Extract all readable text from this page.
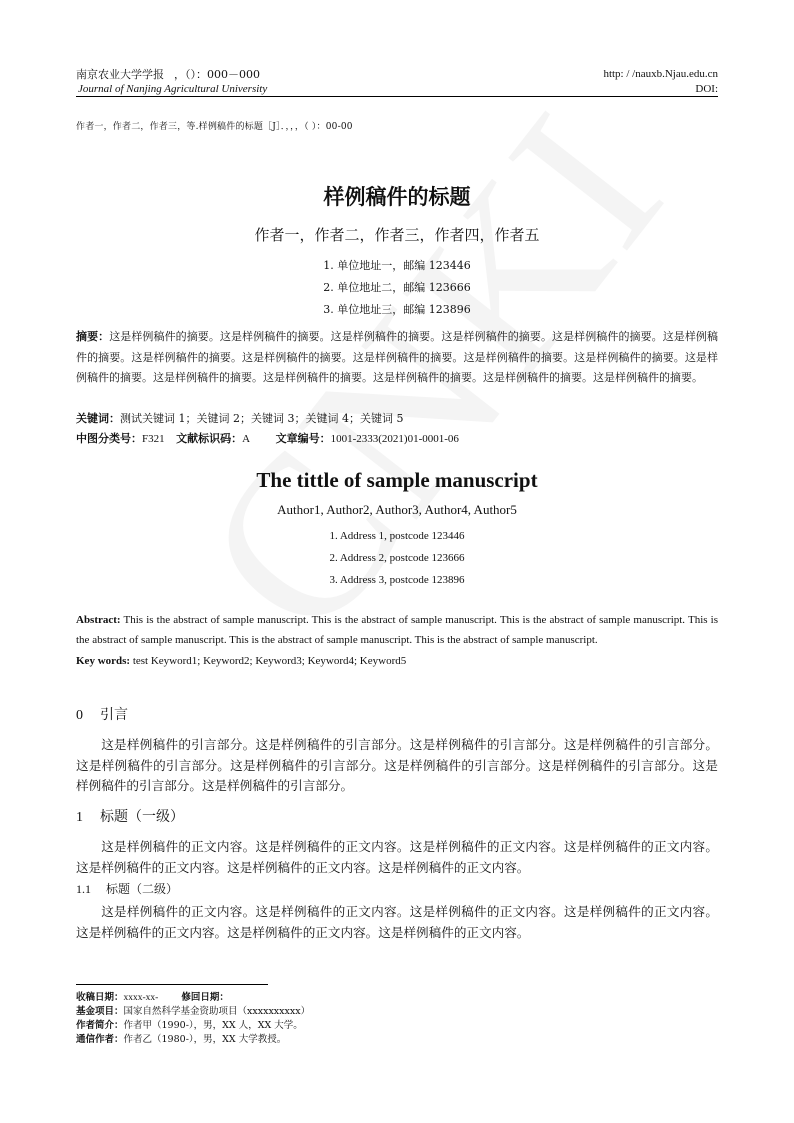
南京农业大学学报 ，（）：000－000
Journal of Nanjing Agricultural University
http: / /nauxb.Njau.edu.cn
DOI:
作者一，作者二，作者三，等.样例稿件的标题［J］．，，，（ ）：00-00
样例稿件的标题
作者一，作者二，作者三，作者四，作者五
1. 单位地址一，邮编 123446
2. 单位地址二，邮编 123666
3. 单位地址三，邮编 123896
摘要：这是样例稿件的摘要。这是样例稿件的摘要。这是样例稿件的摘要。这是样例稿件的摘要。这是样例稿件的摘要。这是样例稿件的摘要。这是样例稿件的摘要。这是样例稿件的摘要。这是样例稿件的摘要。这是样例稿件的摘要。这是样例稿件的摘要。这是样例稿件的摘要。这是样例稿件的摘要。这是样例稿件的摘要。这是样例稿件的摘要。这是样例稿件的摘要。这是样例稿件的摘要。
关键词：测试关键词 1；关键词 2；关键词 3；关键词 4；关键词 5
中图分类号：F321 文献标识码：A 文章编号：1001-2333(2021)01-0001-06
The tittle of sample manuscript
Author1, Author2, Author3, Author4, Author5
1. Address 1, postcode 123446
2. Address 2, postcode 123666
3. Address 3, postcode 123896
Abstract: This is the abstract of sample manuscript. This is the abstract of sample manuscript. This is the abstract of sample manuscript. This is the abstract of sample manuscript. This is the abstract of sample manuscript. This is the abstract of sample manuscript.
Key words: test Keyword1; Keyword2; Keyword3; Keyword4; Keyword5
0 引言
这是样例稿件的引言部分。这是样例稿件的引言部分。这是样例稿件的引言部分。这是样例稿件的引言部分。这是样例稿件的引言部分。这是样例稿件的引言部分。这是样例稿件的引言部分。这是样例稿件的引言部分。这是样例稿件的引言部分。这是样例稿件的引言部分。
1 标题（一级）
这是样例稿件的正文内容。这是样例稿件的正文内容。这是样例稿件的正文内容。这是样例稿件的正文内容。这是样例稿件的正文内容。这是样例稿件的正文内容。这是样例稿件的正文内容。
1.1 标题（二级）
这是样例稿件的正文内容。这是样例稿件的正文内容。这是样例稿件的正文内容。这是样例稿件的正文内容。这是样例稿件的正文内容。这是样例稿件的正文内容。这是样例稿件的正文内容。
收稿日期：xxxx-xx- 修回日期：
基金项目：国家自然科学基金资助项目（xxxxxxxxxx）
作者简介：作者甲（1990-），男，XX 人，XX 大学。
通信作者：作者乙（1980-），男，XX 大学教授。
